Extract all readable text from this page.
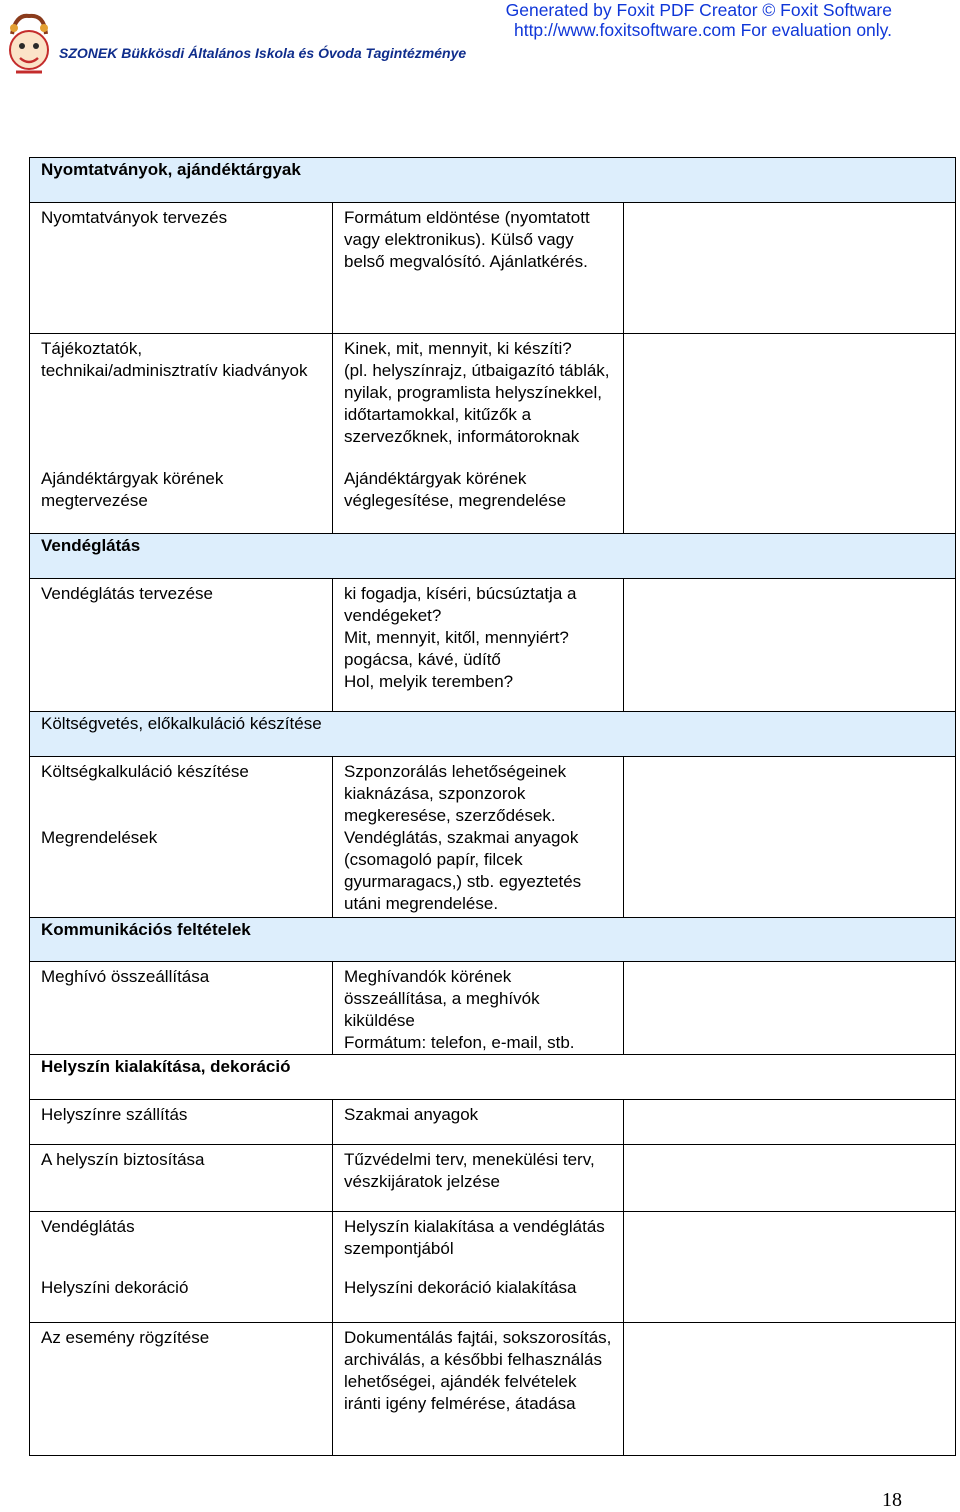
SZONEK Bükkösdi Általános Iskola és Óvoda Tagintézménye
Generated by Foxit PDF Creator © Foxit Software
http://www.foxitsoftware.com For evaluation only.
Nyomtatványok, ajándéktárgyak		
Nyomtatványok tervezés	Formátum eldöntése (nyomtatott vagy elektronikus). Külső vagy belső megvalósító. Ajánlatkérés.	
Tájékoztatók, technikai/adminisztratív kiadványok	Kinek, mit, mennyit, ki készíti?
(pl. helyszínrajz, útbaigazító táblák, nyilak, programlista helyszínekkel, időtartamokkal, kitűzők a szervezőknek, informátoroknak	

Ajándéktárgyak körének megtervezése	Ajándéktárgyak körének véglegesítése, megrendelése	
Vendéglátás		
Vendéglátás tervezése	ki fogadja, kíséri, búcsúztatja a vendégeket?
Mit, mennyit, kitől, mennyiért?
pogácsa, kávé, üdítő
Hol, melyik teremben?	

Költségvetés, előkalkuláció készítése		
Költségkalkuláció készítése	Szponzorálás lehetőségeinek kiaknázása, szponzorok megkeresése, szerződések.	
Megrendelések	Vendéglátás, szakmai anyagok (csomagoló papír, filcek gyurmaragacs,) stb. egyeztetés utáni megrendelése.	
Kommunikációs feltételek		
Meghívó összeállítása	Meghívandók körének összeállítása, a meghívók kiküldése
Formátum: telefon, e-mail, stb.	

Helyszín kialakítása, dekoráció		
Helyszínre szállítás	Szakmai anyagok	
A helyszín biztosítása	Tűzvédelmi terv, menekülési terv, vészkijáratok jelzése	
Vendéglátás	Helyszín kialakítása a vendéglátás szempontjából	
Helyszíni dekoráció	Helyszíni dekoráció kialakítása	
Az esemény rögzítése	Dokumentálás fajtái, sokszorosítás, archiválás, a későbbi felhasználás lehetőségei, ajándék felvételek iránti igény felmérése, átadása	
18
